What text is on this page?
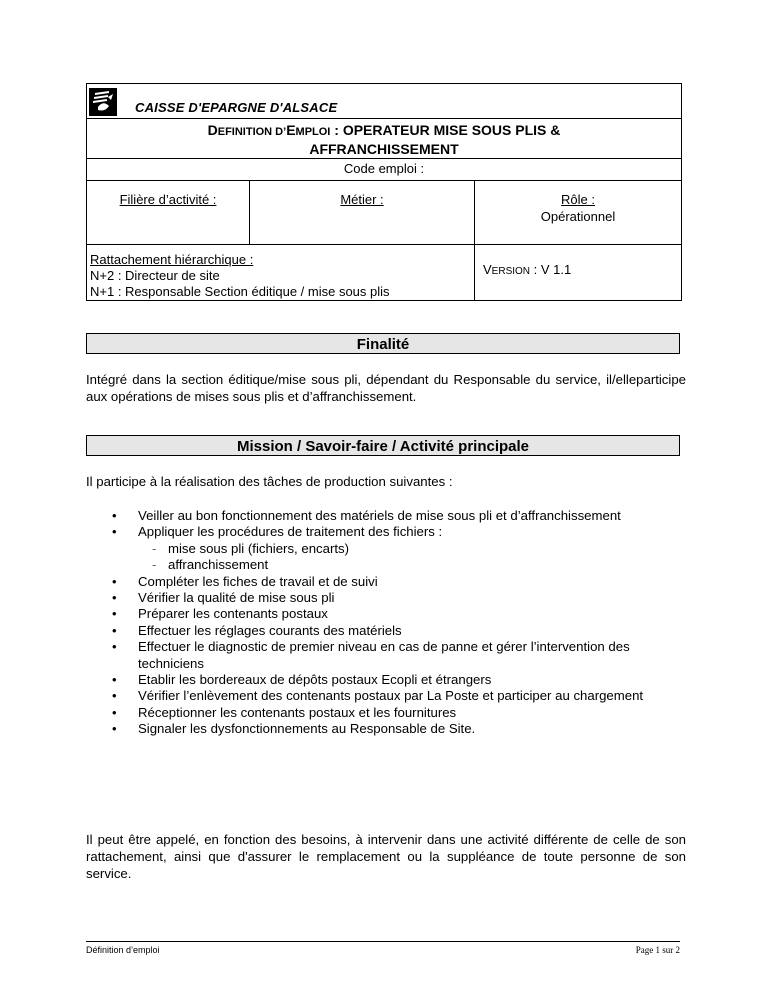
CAISSE D'EPARGNE D'ALSACE
DEFINITION D’EMPLOI : OPERATEUR MISE SOUS PLIS &
AFFRANCHISSEMENT
Code emploi :
Filière d’activité :	Métier :	Rôle :
Opérationnel
Rattachement hiérarchique :
N+2 : Directeur de site
N+1 : Responsable Section éditique / mise sous plis
VERSION : V 1.1
Finalité
Intégré dans la section éditique/mise sous pli, dépendant du Responsable du service, il/elleparticipe aux opérations de mises sous plis et d’affranchissement.
Mission / Savoir-faire / Activité principale
Il participe à la réalisation des tâches de production suivantes :
• Veiller au bon fonctionnement des matériels de mise sous pli et d’affranchissement
• Appliquer les procédures de traitement des fichiers :
- mise sous pli (fichiers, encarts)
- affranchissement
• Compléter les fiches de travail et de suivi
• Vérifier la qualité de mise sous pli
• Préparer les contenants postaux
• Effectuer les réglages courants des matériels
• Effectuer le diagnostic de premier niveau en cas de panne et gérer l’intervention des techniciens
• Etablir les bordereaux de dépôts postaux Ecopli et étrangers
• Vérifier l’enlèvement des contenants postaux par La Poste et participer au chargement
• Réceptionner les contenants postaux et les fournitures
• Signaler les dysfonctionnements au Responsable de Site.
Il peut être appelé, en fonction des besoins, à intervenir dans une activité différente de celle de son rattachement, ainsi que d'assurer le remplacement ou la suppléance de toute personne de son service.
Définition d’emploi	Page 1 sur 2
